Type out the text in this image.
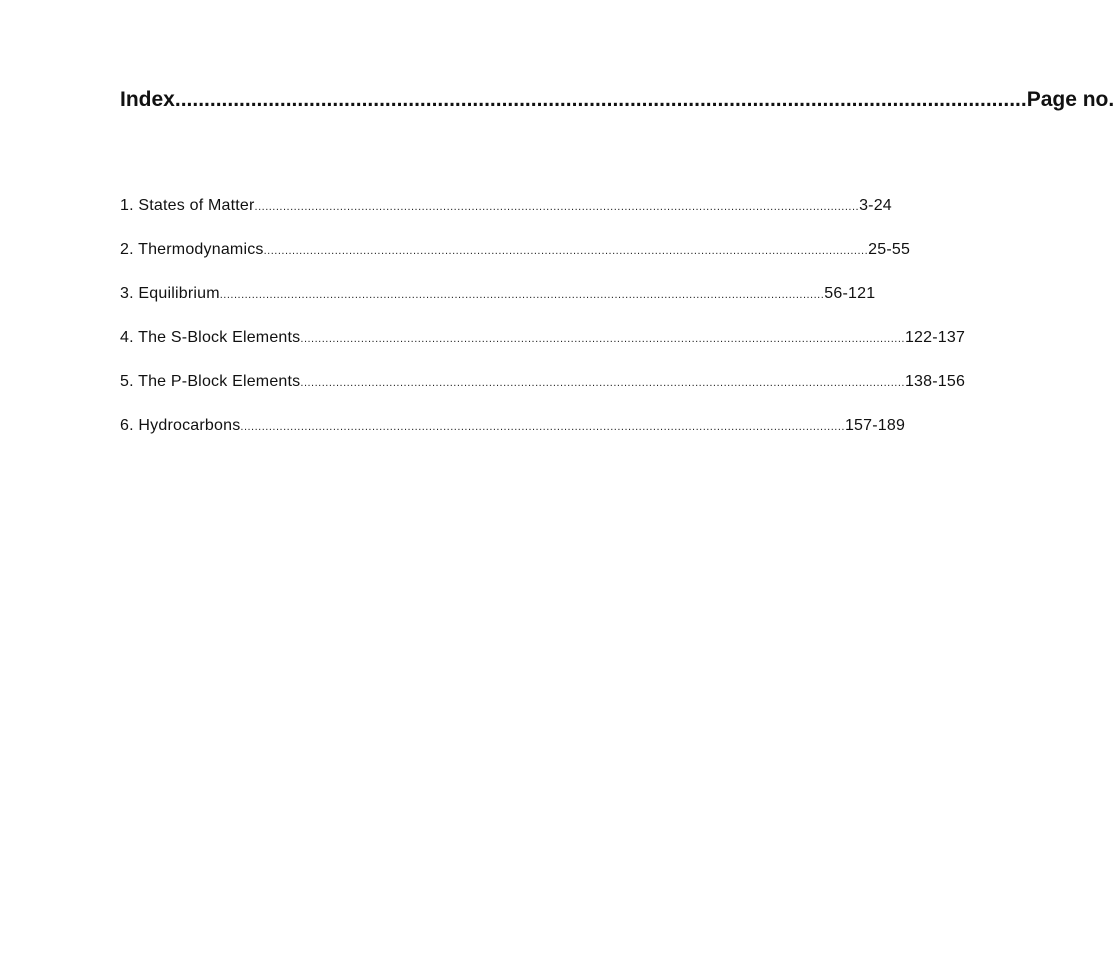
Index .................................................................................................................................................. Page no.
1. States of Matter .......................................................................................................................................................................... 3-24
2. Thermodynamics .......................................................................................................................................................................... 25-55
3. Equilibrium .......................................................................................................................................................................... 56-121
4. The S-Block Elements .......................................................................................................................................................................... 122-137
5. The P-Block Elements .......................................................................................................................................................................... 138-156
6. Hydrocarbons .......................................................................................................................................................................... 157-189
